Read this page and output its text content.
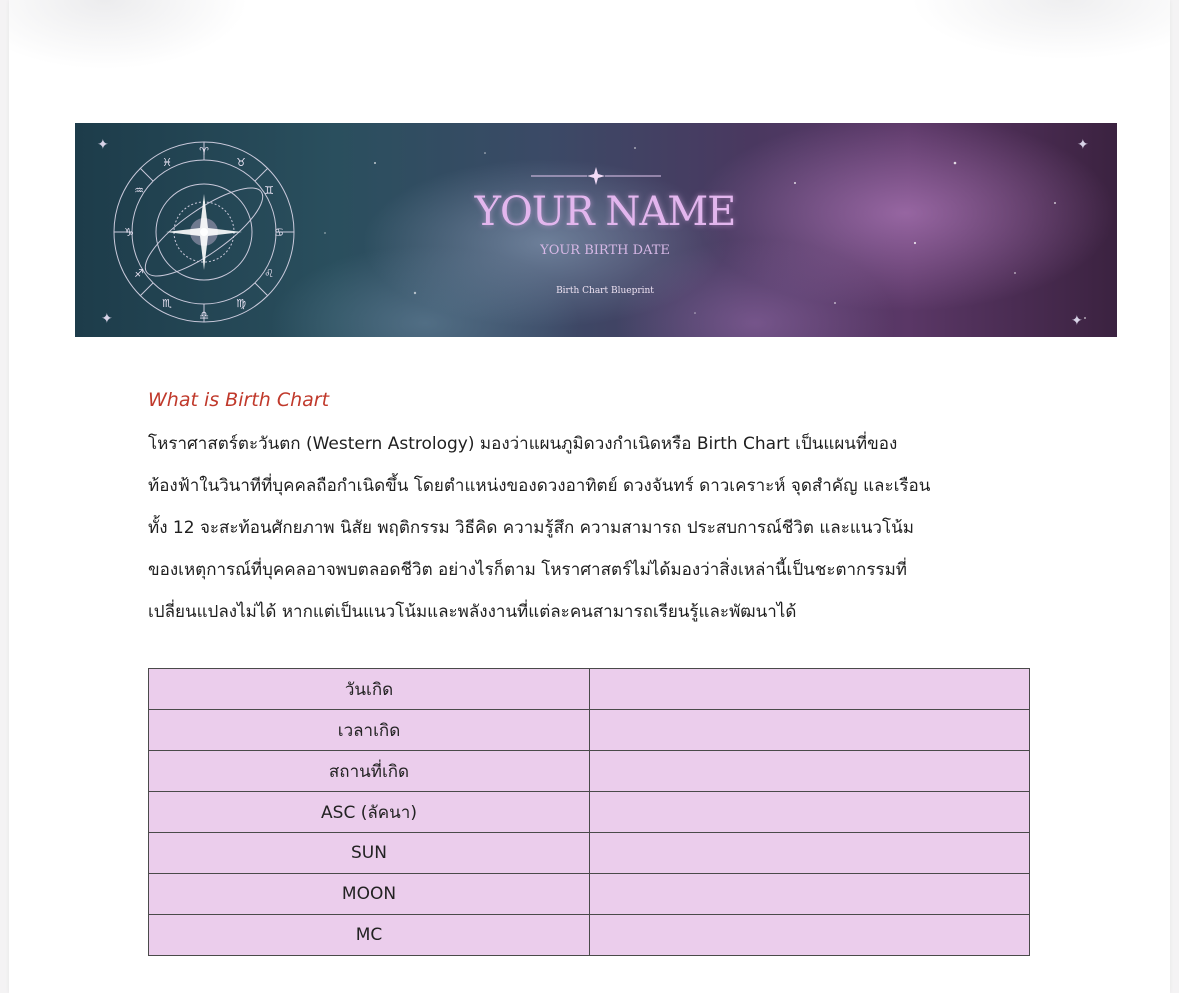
♈
♉
♊
♋
♌
♍
♎
♏
♐
♑
♒
♓
YOUR NAME
YOUR BIRTH DATE
Birth Chart Blueprint
✦
✦
✦
✦
What is Birth Chart
โหราศาสตร์ตะวันตก (Western Astrology) มองว่าแผนภูมิดวงกำเนิดหรือ Birth Chart เป็นแผนที่ของ
ท้องฟ้าในวินาทีที่บุคคลถือกำเนิดขึ้น โดยตำแหน่งของดวงอาทิตย์ ดวงจันทร์ ดาวเคราะห์ จุดสำคัญ และเรือน
ทั้ง 12 จะสะท้อนศักยภาพ นิสัย พฤติกรรม วิธีคิด ความรู้สึก ความสามารถ ประสบการณ์ชีวิต และแนวโน้ม
ของเหตุการณ์ที่บุคคลอาจพบตลอดชีวิต อย่างไรก็ตาม โหราศาสตร์ไม่ได้มองว่าสิ่งเหล่านี้เป็นชะตากรรมที่
เปลี่ยนแปลงไม่ได้ หากแต่เป็นแนวโน้มและพลังงานที่แต่ละคนสามารถเรียนรู้และพัฒนาได้
วันเกิด	
เวลาเกิด	
สถานที่เกิด	
ASC (ลัคนา)	
SUN	
MOON	
MC	
